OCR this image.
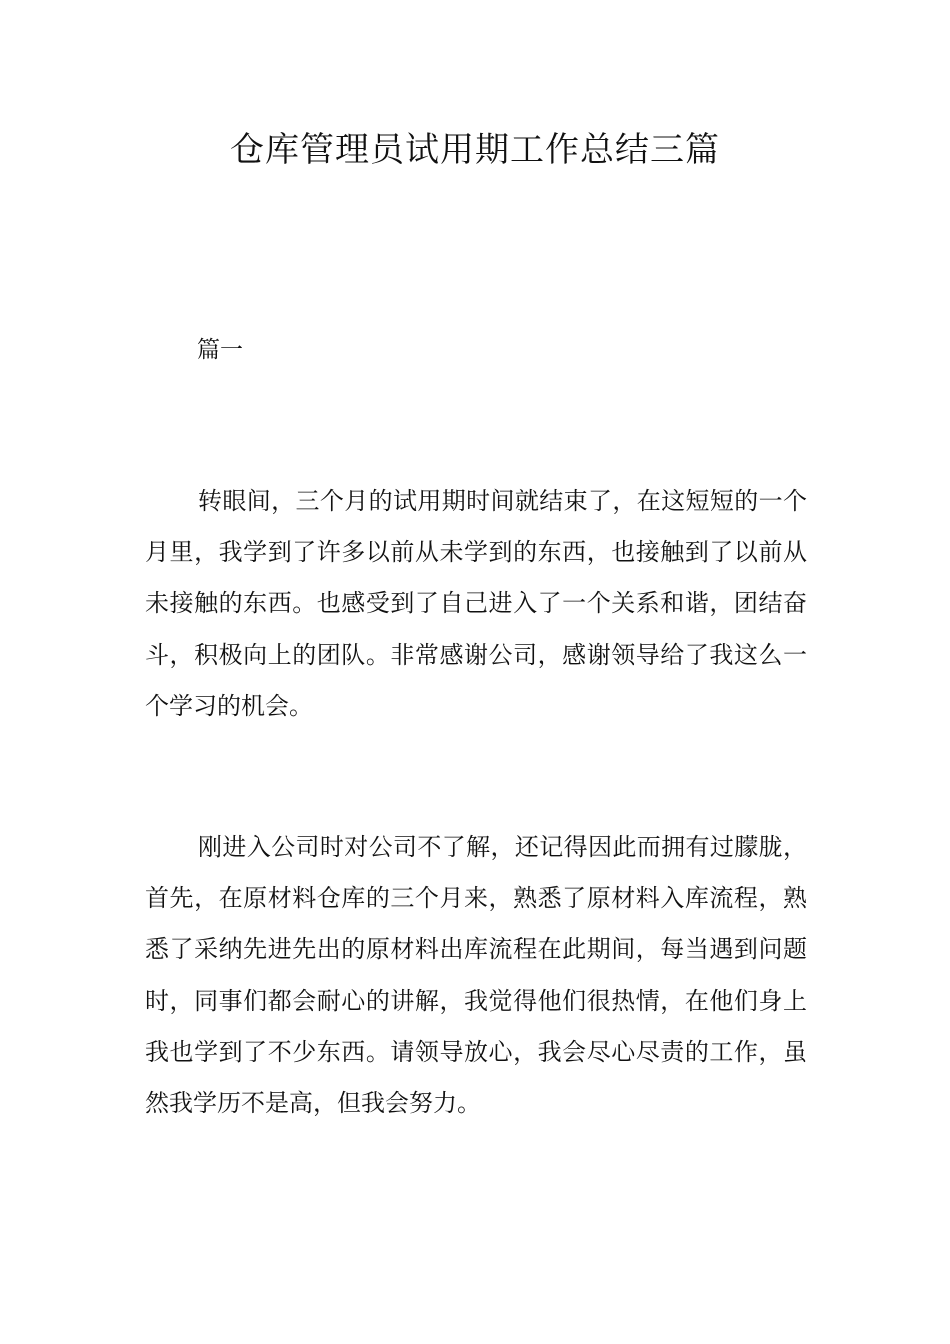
仓库管理员试用期工作总结三篇

篇一

转眼间，三个月的试用期时间就结束了，在这短短的一个月里，我学到了许多以前从未学到的东西，也接触到了以前从未接触的东西。也感受到了自己进入了一个关系和谐，团结奋斗，积极向上的团队。非常感谢公司，感谢领导给了我这么一个学习的机会。

刚进入公司时对公司不了解，还记得因此而拥有过朦胧，首先，在原材料仓库的三个月来，熟悉了原材料入库流程，熟悉了采纳先进先出的原材料出库流程在此期间，每当遇到问题时，同事们都会耐心的讲解，我觉得他们很热情，在他们身上我也学到了不少东西。请领导放心，我会尽心尽责的工作，虽然我学历不是高，但我会努力。
